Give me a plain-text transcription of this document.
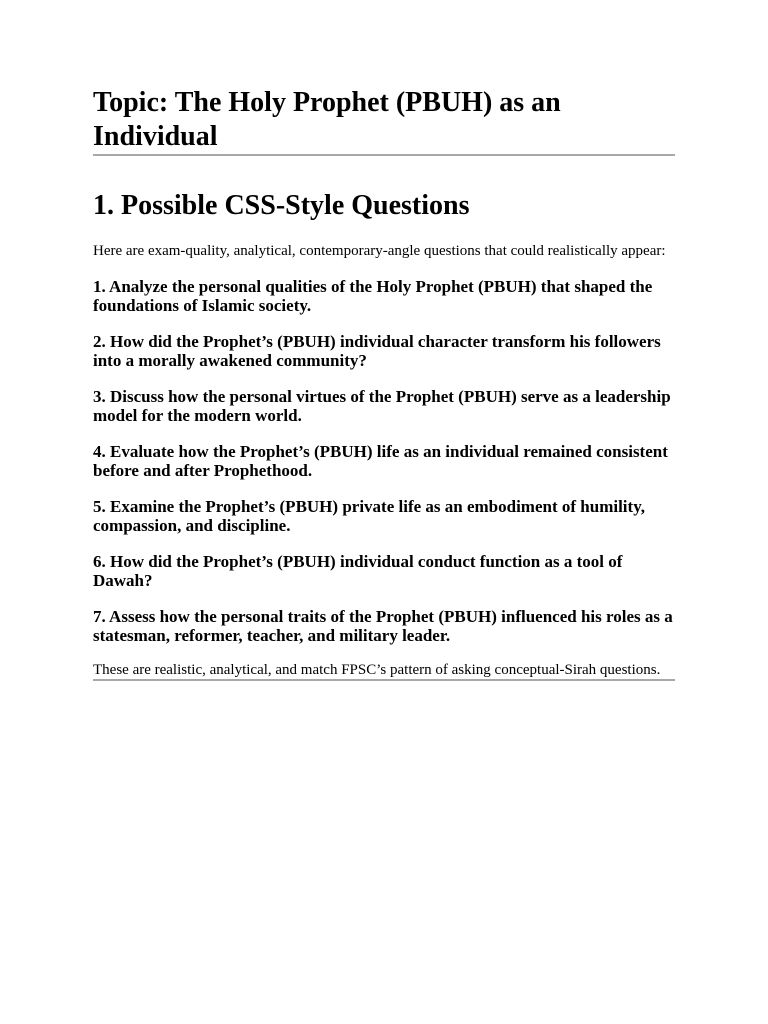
Topic: The Holy Prophet (PBUH) as an Individual
1. Possible CSS-Style Questions

Here are exam-quality, analytical, contemporary-angle questions that could realistically appear:

1. Analyze the personal qualities of the Holy Prophet (PBUH) that shaped the foundations of Islamic society.
2. How did the Prophet’s (PBUH) individual character transform his followers into a morally awakened community?
3. Discuss how the personal virtues of the Prophet (PBUH) serve as a leadership model for the modern world.
4. Evaluate how the Prophet’s (PBUH) life as an individual remained consistent before and after Prophethood.
5. Examine the Prophet’s (PBUH) private life as an embodiment of humility, compassion, and discipline.
6. How did the Prophet’s (PBUH) individual conduct function as a tool of Dawah?
7. Assess how the personal traits of the Prophet (PBUH) influenced his roles as a statesman, reformer, teacher, and military leader.

These are realistic, analytical, and match FPSC’s pattern of asking conceptual-Sirah questions.
